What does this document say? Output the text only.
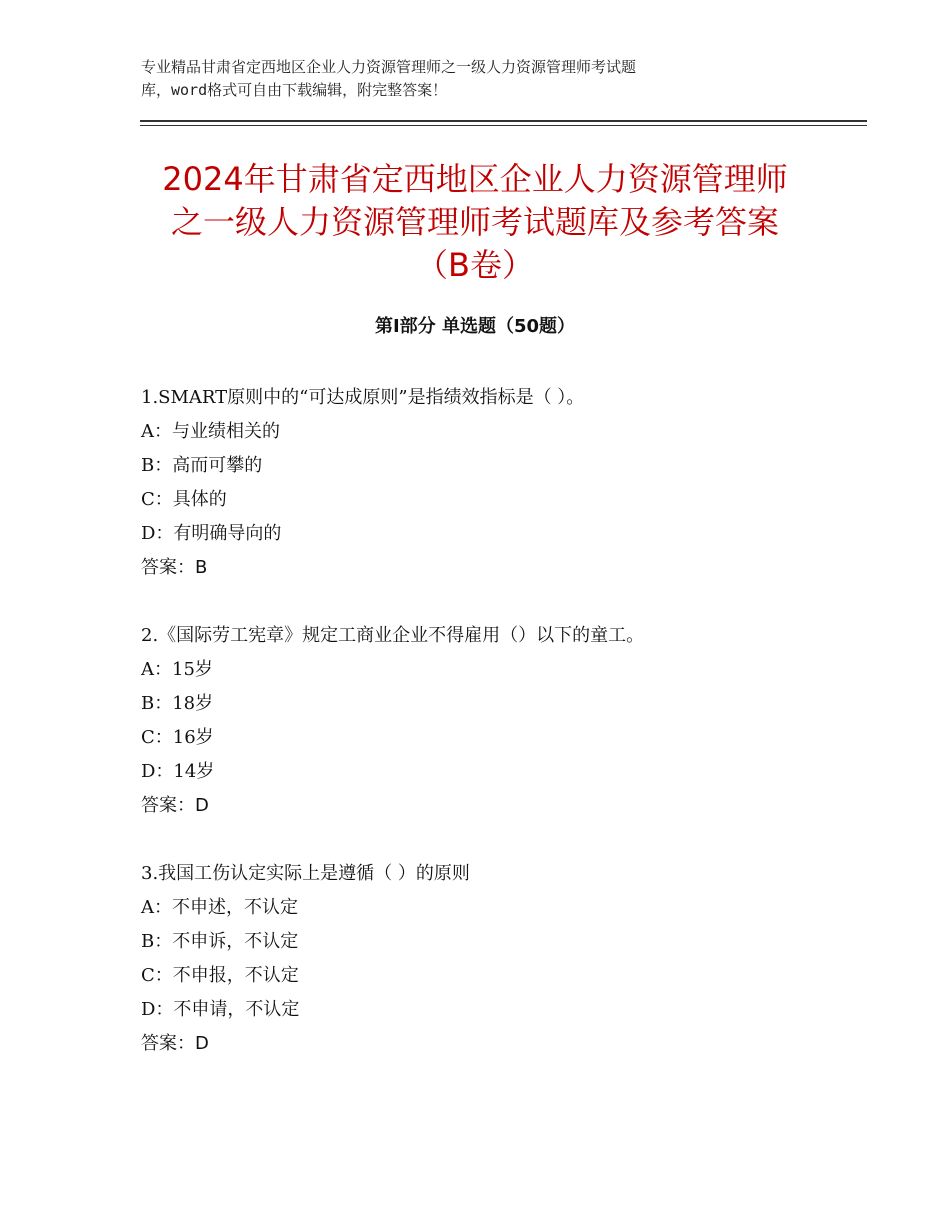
专业精品甘肃省定西地区企业人力资源管理师之一级人力资源管理师考试题
库，word格式可自由下载编辑，附完整答案！
2024年甘肃省定西地区企业人力资源管理师
之一级人力资源管理师考试题库及参考答案
（B卷）
第Ⅰ部分 单选题（50题）
1.SMART原则中的“可达成原则”是指绩效指标是（ ）。
A：与业绩相关的
B：高而可攀的
C：具体的
D：有明确导向的
答案：B
2.《国际劳工宪章》规定工商业企业不得雇用（）以下的童工。
A：15岁
B：18岁
C：16岁
D：14岁
答案：D
3.我国工伤认定实际上是遵循（ ）的原则
A：不申述，不认定
B：不申诉，不认定
C：不申报，不认定
D：不申请，不认定
答案：D
